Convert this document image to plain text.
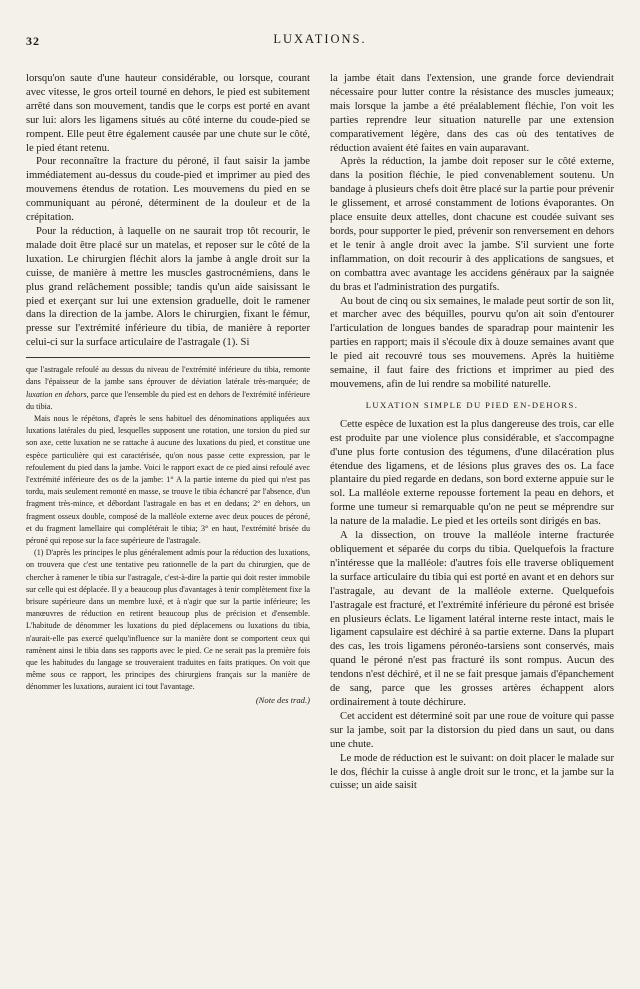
32	LUXATIONS.

lorsqu'on saute d'une hauteur considérable, ou lorsque, courant avec vitesse, le gros orteil tourné en dehors, le pied est subitement arrêté dans son mouvement, tandis que le corps est porté en avant sur lui: alors les ligamens situés au côté interne du coude-pied se rompent. Elle peut être également causée par une chute sur le côté, le pied étant retenu.

Pour reconnaître la fracture du péroné, il faut saisir la jambe immédiatement au-dessus du coude-pied et imprimer au pied des mouvemens étendus de rotation. Les mouvemens du pied en se communiquant au péroné, déterminent de la douleur et de la crépitation.

Pour la réduction, à laquelle on ne saurait trop tôt recourir, le malade doit être placé sur un matelas, et reposer sur le côté de la luxation. Le chirurgien fléchit alors la jambe à angle droit sur la cuisse, de manière à mettre les muscles gastrocnémiens, dans le plus grand relâchement possible; tandis qu'un aide saisissant le pied et exerçant sur lui une extension graduelle, doit le ramener dans la direction de la jambe. Alors le chirurgien, fixant le fémur, presse sur l'extrémité inférieure du tibia, de manière à reporter celui-ci sur la surface articulaire de l'astragale (1). Si

que l'astragale refoulé au dessus du niveau de l'extrémité inférieure du tibia, remonte dans l'épaisseur de la jambe sans éprouver de déviation latérale très-marquée; de luxation en dehors, parce que l'ensemble du pied est en dehors de l'extrémité inférieure du tibia.

Mais nous le répétons, d'après le sens habituel des dénominations appliquées aux luxations latérales du pied, lesquelles supposent une rotation, une torsion du pied sur son axe, cette luxation ne se rattache à aucune des luxations du pied, et constitue une espèce particulière qui est caractérisée, qu'on nous passe cette expression, par le refoulement du pied dans la jambe. Voici le rapport exact de ce pied ainsi refoulé avec l'extrémité inférieure des os de la jambe: 1° A la partie interne du pied qui n'est pas tordu, mais seulement remonté en masse, se trouve le tibia échancré par l'absence, d'un fragment très-mince, et débordant l'astragale en bas et en dedans; 2° en dehors, un fragment osseux double, composé de la malléole externe avec deux pouces de péroné, et du fragment lamellaire qui complétérait le tibia; 3° en haut, l'extrémité brisée du péroné qui repose sur la face supérieure de l'astragale.

(1) D'après les principes le plus généralement admis pour la réduction des luxations, on trouvera que c'est une tentative peu rationnelle de la part du chirurgien, que de chercher à ramener le tibia sur l'astragale, c'est-à-dire la partie qui doit rester immobile sur celle qui est déplacée. Il y a beaucoup plus d'avantages à tenir complètement fixe la brisure supérieure dans un membre luxé, et à n'agir que sur la partie inférieure; les manœuvres de réduction en retirent beaucoup plus de précision et d'ensemble. L'habitude de dénommer les luxations du pied déplacemens ou luxations du tibia, n'aurait-elle pas exercé quelqu'influence sur la manière dont se comportent ceux qui ramènent ainsi le tibia dans ses rapports avec le pied. Ce ne serait pas la première fois que les habitudes du langage se trouveraient traduites en faits pratiques. On voit que même sous ce rapport, les principes des chirurgiens français sur la manière de dénommer les luxations, auraient ici tout l'avantage.

(Note des trad.)

la jambe était dans l'extension, une grande force deviendrait nécessaire pour lutter contre la résistance des muscles jumeaux; mais lorsque la jambe a été préalablement fléchie, l'on voit les parties reprendre leur situation naturelle par une extension comparativement légère, dans des cas où des tentatives de réduction avaient été faites en vain auparavant.

Après la réduction, la jambe doit reposer sur le côté externe, dans la position fléchie, le pied convenablement soutenu. Un bandage à plusieurs chefs doit être placé sur la partie pour prévenir le glissement, et arrosé constamment de lotions évaporantes. On place ensuite deux attelles, dont chacune est coudée suivant ses bords, pour supporter le pied, prévenir son renversement en dehors et le tenir à angle droit avec la jambe. S'il survient une forte inflammation, on doit recourir à des applications de sangsues, et on combattra avec avantage les accidens généraux par la saignée du bras et l'administration des purgatifs.

Au bout de cinq ou six semaines, le malade peut sortir de son lit, et marcher avec des béquilles, pourvu qu'on ait soin d'entourer l'articulation de longues bandes de sparadrap pour maintenir les parties en rapport; mais il s'écoule dix à douze semaines avant que le pied ait recouvré tous ses mouvemens. Après la huitième semaine, il faut faire des frictions et imprimer au pied des mouvemens, afin de lui rendre sa mobilité naturelle.

LUXATION SIMPLE DU PIED EN-DEHORS.

Cette espèce de luxation est la plus dangereuse des trois, car elle est produite par une violence plus considérable, et s'accompagne d'une plus forte contusion des tégumens, d'une dilacération plus étendue des ligamens, et de lésions plus graves des os. La face plantaire du pied regarde en dedans, son bord externe appuie sur le sol. La malléole externe repousse fortement la peau en dehors, et forme une tumeur si remarquable qu'on ne peut se méprendre sur la nature de la maladie. Le pied et les orteils sont dirigés en bas.

A la dissection, on trouve la malléole interne fracturée obliquement et séparée du corps du tibia. Quelquefois la fracture n'intéresse que la malléole: d'autres fois elle traverse obliquement la surface articulaire du tibia qui est porté en avant et en dehors sur l'astragale, au devant de la malléole externe. Quelquefois l'astragale est fracturé, et l'extrémité inférieure du péroné est brisée en plusieurs éclats. Le ligament latéral interne reste intact, mais le ligament capsulaire est déchiré à sa partie externe. Dans la plupart des cas, les trois ligamens péronéo-tarsiens sont conservés, mais quand le péroné n'est pas fracturé ils sont rompus. Aucun des tendons n'est déchiré, et il ne se fait presque jamais d'épanchement de sang, parce que les grosses artères échappent alors ordinairement à toute déchirure.

Cet accident est déterminé soit par une roue de voiture qui passe sur la jambe, soit par la distorsion du pied dans un saut, ou dans une chute.

Le mode de réduction est le suivant: on doit placer le malade sur le dos, fléchir la cuisse à angle droit sur le tronc, et la jambe sur la cuisse; un aide saisit
